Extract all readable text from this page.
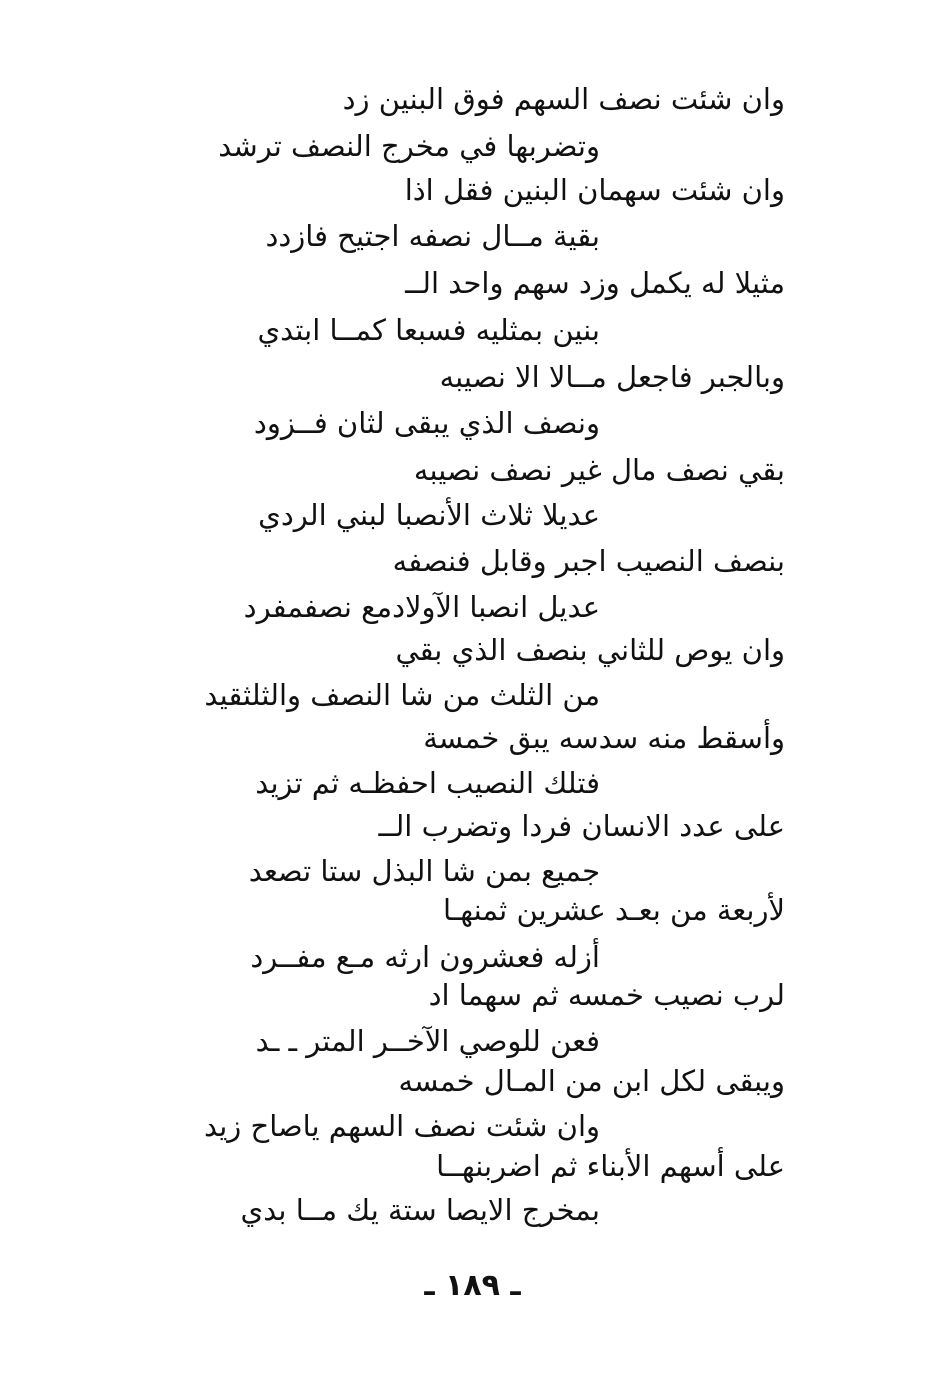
وان شئت نصف السهم فوق البنين زد
وتضربها في مخرج النصف ترشد
وان شئت سهمان البنين فقل اذا
بقية مــال نصفه اجتيح فازدد
مثيلا له يكمل وزد سهم واحد الــ
بنين بمثليه فسبعا كمــا ابتدي
وبالجبر فاجعل مــالا الا نصيبه
ونصف الذي يبقى لثان فــزود
بقي نصف مال غير نصف نصيبه
عديلا ثلاث الأنصبا لبني الردي
بنصف النصيب اجبر وقابل فنصفه
عديل انصبا الآولادمع نصفمفرد
وان يوص للثاني بنصف الذي بقي
من الثلث من شا النصف والثلثقيد
وأسقط منه سدسه يبق خمسة
فتلك النصيب احفظـه ثم تزيد
على عدد الانسان فردا وتضرب الــ
جميع بمن شا البذل ستا تصعد
لأربعة من بعـد عشرين ثمنهـا
أزله فعشرون ارثه مـع مفــرد
لرب نصيب خمسه ثم سهما اد
فعن للوصي الآخــر المتر ـ ـد
ويبقى لكل ابن من المـال خمسه
وان شئت نصف السهم ياصاح زيد
على أسهم الأبناء ثم اضربنهــا
بمخرج الايصا ستة يك مــا بدي
ـ ١٨٩ ـ
